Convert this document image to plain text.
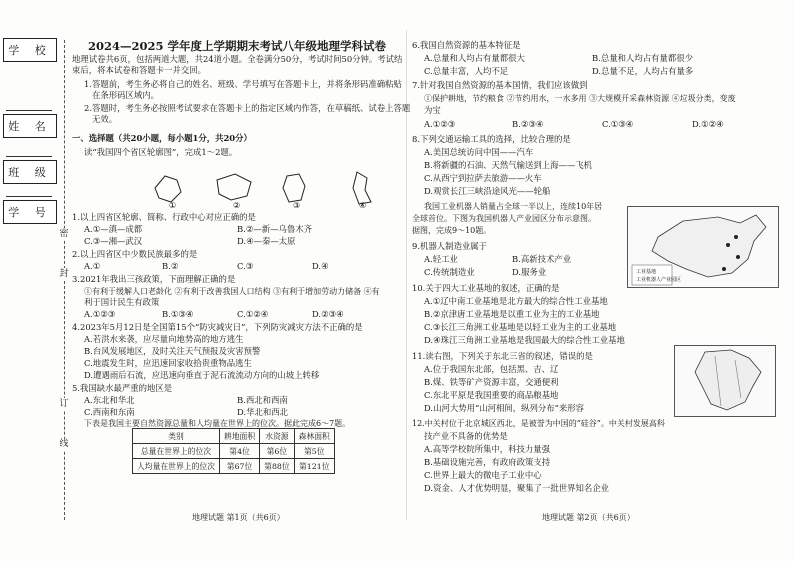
学 校
姓 名
班 级
学 号
密
封
订
线
2024—2025 学年度上学期期末考试八年级地理学科试卷
地理试卷共6页，包括两道大题，共24道小题。全卷满分50分，考试时间50分钟。考试结
束后，将本试卷和答题卡一并交回。
1.答题前，考生务必将自己的姓名、班级、学号填写在答题卡上，并将条形码准确粘贴
在条形码区域内。
2.答题时，考生务必按照考试要求在答题卡上的指定区域内作答，在草稿纸、试卷上答题
无效。
一、选择题（共20小题，每小题1分，共20分）
读“我国四个省区轮廓图”，完成1～2题。
①	②	③	④
1.以上四省区轮廓、简称、行政中心对应正确的是
A.①—滇—成都	B.②—新—乌鲁木齐
C.③—湘—武汉	D.④—秦—太原
2.以上四省区中少数民族最多的是
A.①	B.②	C.③	D.④
3.2021年我出三孩政策，下面理解正确的是
①有利于缓解人口老龄化 ②有利于改善我国人口结构 ③有利于增加劳动力储备 ④有
利于国计民生有政策
A.①②③	B.①③④	C.①②④	D.②③④
4.2023年5月12日是全国第15个“防灾减灾日”，下列防灾减灾方法不正确的是
A.若洪水来袭，应尽量向地势高的地方逃生
B.台风发展地区，及时关注天气预报及灾害预警
C.地震发生时，应迅速回家收拾贵重物品逃生
D.遭遇雨后石流，应迅速向垂直于泥石流流动方向的山坡上转移
5.我国缺水最严重的地区是
A.东北和华北	B.西北和西南
C.西南和东南	D.华北和西北
下表是我国主要自然资源总量和人均量在世界上的位次。据此完成6～7题。
类别	耕地面积	水资源	森林面积
总量在世界上的位次	第4位	第6位	第5位
人均量在世界上的位次	第67位	第88位	第121位
地理试题 第1页（共6页）
6.我国自然资源的基本特征是
A.总量和人均占有量都很大	B.总量和人均占有量都很少
C.总量丰富，人均不足	D.总量不足，人均占有量多
7.针对我国自然资源的基本国情，我们应该做到
①保护耕地，节约粮食 ②节约用水，一水多用 ③大规模开采森林资源 ④垃圾分类，变废
为宝
A.①②③	B.②③④	C.①③④	D.①②④
8.下列交通运输工具的选择，比较合理的是
A.美国总统访问中国——汽车
B.将新疆的石油、天然气输送到上海——飞机
C.从西宁到拉萨去旅游——火车
D.观赏长江三峡沿途风光——轮船
我国工业机器人销量占全球一半以上，连续10年居
全球首位。下图为我国机器人产业园区分布示意图。
据图，完成9～10题。
工业基地
工业机器人产业园区
9.机器人制造业属于
A.轻工业	B.高新技术产业
C.传统制造业	D.服务业
10.关于四大工业基地的叙述，正确的是
A.①辽中南工业基地是北方最大的综合性工业基地
B.②京津唐工业基地是以重工业为主的工业基地
C.③长江三角洲工业基地是以轻工业为主的工业基地
D.④珠江三角洲工业基地是我国最大的综合性工业基地
11.读右图，下列关于东北三省的叙述，错误的是
A.位于我国东北部，包括黑、吉、辽
B.煤、铁等矿产资源丰富，交通便利
C.东北平原是我国重要的商品粮基地
D.山河大势用“山河相间，纵列分布”来形容
12.中关村位于北京城区西北，是被誉为中国的“硅谷”。中关村发展高科
技产业不具备的优势是
A.高等学校院所集中，科技力量强
B.基础设施完善，有政府政策支持
C.世界上最大的微电子工业中心
D.资金、人才优势明显，聚集了一批世界知名企业
地理试题 第2页（共6页）
